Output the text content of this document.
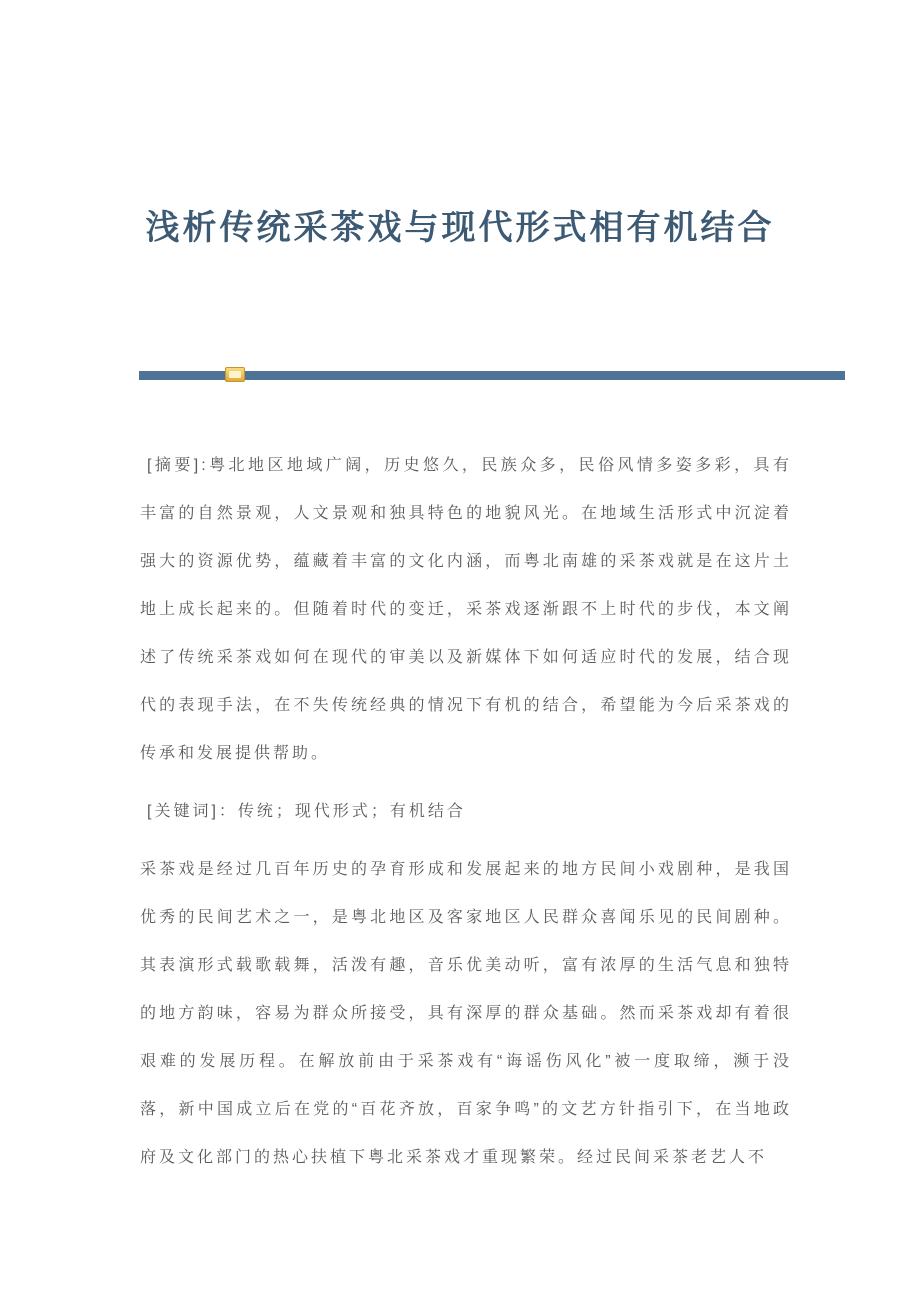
浅析传统采茶戏与现代形式相有机结合

[摘要]:粤北地区地域广阔，历史悠久，民族众多，民俗风情多姿多彩，具有丰富的自然景观，人文景观和独具特色的地貌风光。在地域生活形式中沉淀着强大的资源优势，蕴藏着丰富的文化内涵，而粤北南雄的采茶戏就是在这片土地上成长起来的。但随着时代的变迁，采茶戏逐渐跟不上时代的步伐，本文阐述了传统采茶戏如何在现代的审美以及新媒体下如何适应时代的发展，结合现代的表现手法，在不失传统经典的情况下有机的结合，希望能为今后采茶戏的传承和发展提供帮助。

[关键词]：传统；现代形式；有机结合

采茶戏是经过几百年历史的孕育形成和发展起来的地方民间小戏剧种，是我国优秀的民间艺术之一，是粤北地区及客家地区人民群众喜闻乐见的民间剧种。其表演形式载歌载舞，活泼有趣，音乐优美动听，富有浓厚的生活气息和独特的地方韵味，容易为群众所接受，具有深厚的群众基础。然而采茶戏却有着很艰难的发展历程。在解放前由于采茶戏有“诲谣伤风化”被一度取缔，濒于没落，新中国成立后在党的“百花齐放，百家争鸣”的文艺方针指引下，在当地政府及文化部门的热心扶植下粤北采茶戏才重现繁荣。经过民间采茶老艺人不
